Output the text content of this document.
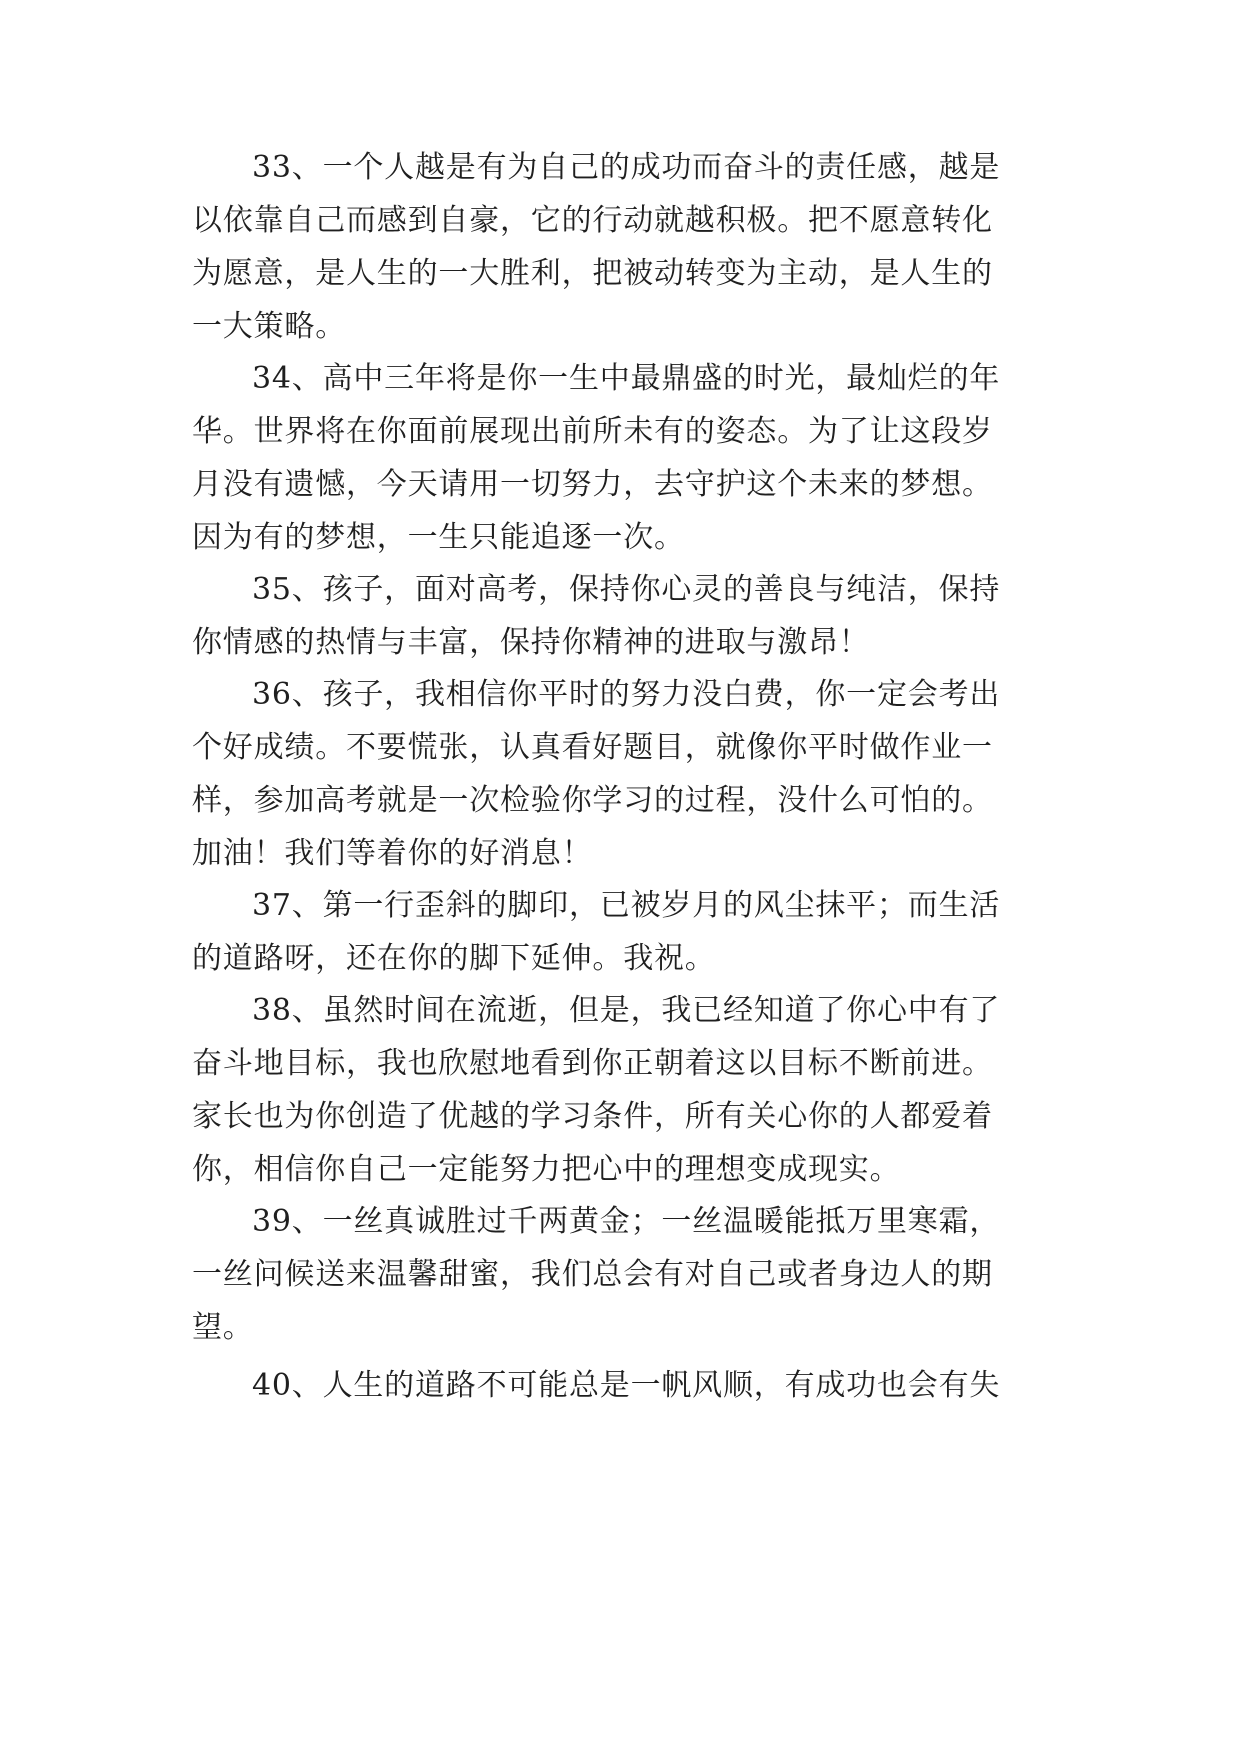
33、一个人越是有为自己的成功而奋斗的责任感，越是

以依靠自己而感到自豪，它的行动就越积极。把不愿意转化

为愿意，是人生的一大胜利，把被动转变为主动，是人生的

一大策略。

34、高中三年将是你一生中最鼎盛的时光，最灿烂的年

华。世界将在你面前展现出前所未有的姿态。为了让这段岁

月没有遗憾，今天请用一切努力，去守护这个未来的梦想。

因为有的梦想，一生只能追逐一次。

35、孩子，面对高考，保持你心灵的善良与纯洁，保持

你情感的热情与丰富，保持你精神的进取与激昂！

36、孩子，我相信你平时的努力没白费，你一定会考出

个好成绩。不要慌张，认真看好题目，就像你平时做作业一

样，参加高考就是一次检验你学习的过程，没什么可怕的。

加油！我们等着你的好消息！

37、第一行歪斜的脚印，已被岁月的风尘抹平；而生活

的道路呀，还在你的脚下延伸。我祝。

38、虽然时间在流逝，但是，我已经知道了你心中有了

奋斗地目标，我也欣慰地看到你正朝着这以目标不断前进。

家长也为你创造了优越的学习条件，所有关心你的人都爱着

你，相信你自己一定能努力把心中的理想变成现实。

39、一丝真诚胜过千两黄金；一丝温暖能抵万里寒霜，

一丝问候送来温馨甜蜜，我们总会有对自己或者身边人的期

望。

40、人生的道路不可能总是一帆风顺，有成功也会有失
